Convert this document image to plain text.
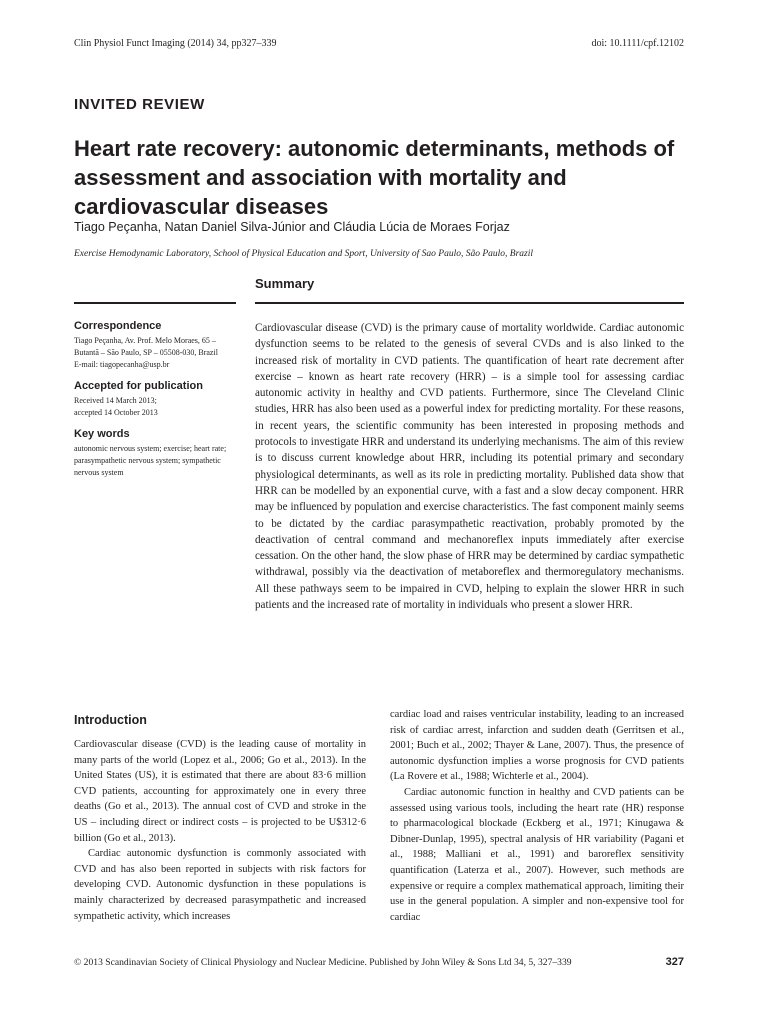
Clin Physiol Funct Imaging (2014) 34, pp327–339	doi: 10.1111/cpf.12102
INVITED REVIEW
Heart rate recovery: autonomic determinants, methods of assessment and association with mortality and cardiovascular diseases
Tiago Peçanha, Natan Daniel Silva-Júnior and Cláudia Lúcia de Moraes Forjaz
Exercise Hemodynamic Laboratory, School of Physical Education and Sport, University of Sao Paulo, São Paulo, Brazil
Summary
Correspondence
Tiago Peçanha, Av. Prof. Melo Moraes, 65 –
Butantã – São Paulo, SP – 05508-030, Brazil
E-mail: tiagopecanha@usp.br
Accepted for publication
Received 14 March 2013;
accepted 14 October 2013
Key words
autonomic nervous system; exercise; heart rate;
parasympathetic nervous system; sympathetic
nervous system

Cardiovascular disease (CVD) is the primary cause of mortality worldwide. Cardiac autonomic dysfunction seems to be related to the genesis of several CVDs and is also linked to the increased risk of mortality in CVD patients. The quantification of heart rate decrement after exercise – known as heart rate recovery (HRR) – is a simple tool for assessing cardiac autonomic activity in healthy and CVD patients. Furthermore, since The Cleveland Clinic studies, HRR has also been used as a powerful index for predicting mortality. For these reasons, in recent years, the scientific community has been interested in proposing methods and protocols to investigate HRR and understand its underlying mechanisms. The aim of this review is to discuss current knowledge about HRR, including its potential primary and secondary physiological determinants, as well as its role in predicting mortality. Published data show that HRR can be modelled by an exponential curve, with a fast and a slow decay component. HRR may be influenced by population and exercise characteristics. The fast component mainly seems to be dictated by the cardiac parasympathetic reactivation, probably promoted by the deactivation of central command and mechanoreflex inputs immediately after exercise cessation. On the other hand, the slow phase of HRR may be determined by cardiac sympathetic withdrawal, possibly via the deactivation of metaboreflex and thermoregulatory mechanisms. All these pathways seem to be impaired in CVD, helping to explain the slower HRR in such patients and the increased rate of mortality in individuals who present a slower HRR.

Introduction

Cardiovascular disease (CVD) is the leading cause of mortality in many parts of the world (Lopez et al., 2006; Go et al., 2013). In the United States (US), it is estimated that there are about 83·6 million CVD patients, accounting for approximately one in every three deaths (Go et al., 2013). The annual cost of CVD and stroke in the US – including direct or indirect costs – is projected to be U$312·6 billion (Go et al., 2013).

Cardiac autonomic dysfunction is commonly associated with CVD and has also been reported in subjects with risk factors for developing CVD. Autonomic dysfunction in these populations is mainly characterized by decreased parasympathetic and increased sympathetic activity, which increases

cardiac load and raises ventricular instability, leading to an increased risk of cardiac arrest, infarction and sudden death (Gerritsen et al., 2001; Buch et al., 2002; Thayer & Lane, 2007). Thus, the presence of autonomic dysfunction implies a worse prognosis for CVD patients (La Rovere et al., 1988; Wichterle et al., 2004).

Cardiac autonomic function in healthy and CVD patients can be assessed using various tools, including the heart rate (HR) response to pharmacological blockade (Eckberg et al., 1971; Kinugawa & Dibner-Dunlap, 1995), spectral analysis of HR variability (Pagani et al., 1988; Malliani et al., 1991) and baroreflex sensitivity quantification (Laterza et al., 2007). However, such methods are expensive or require a complex mathematical approach, limiting their use in the general population. A simpler and non-expensive tool for cardiac

© 2013 Scandinavian Society of Clinical Physiology and Nuclear Medicine. Published by John Wiley & Sons Ltd 34, 5, 327–339	327
